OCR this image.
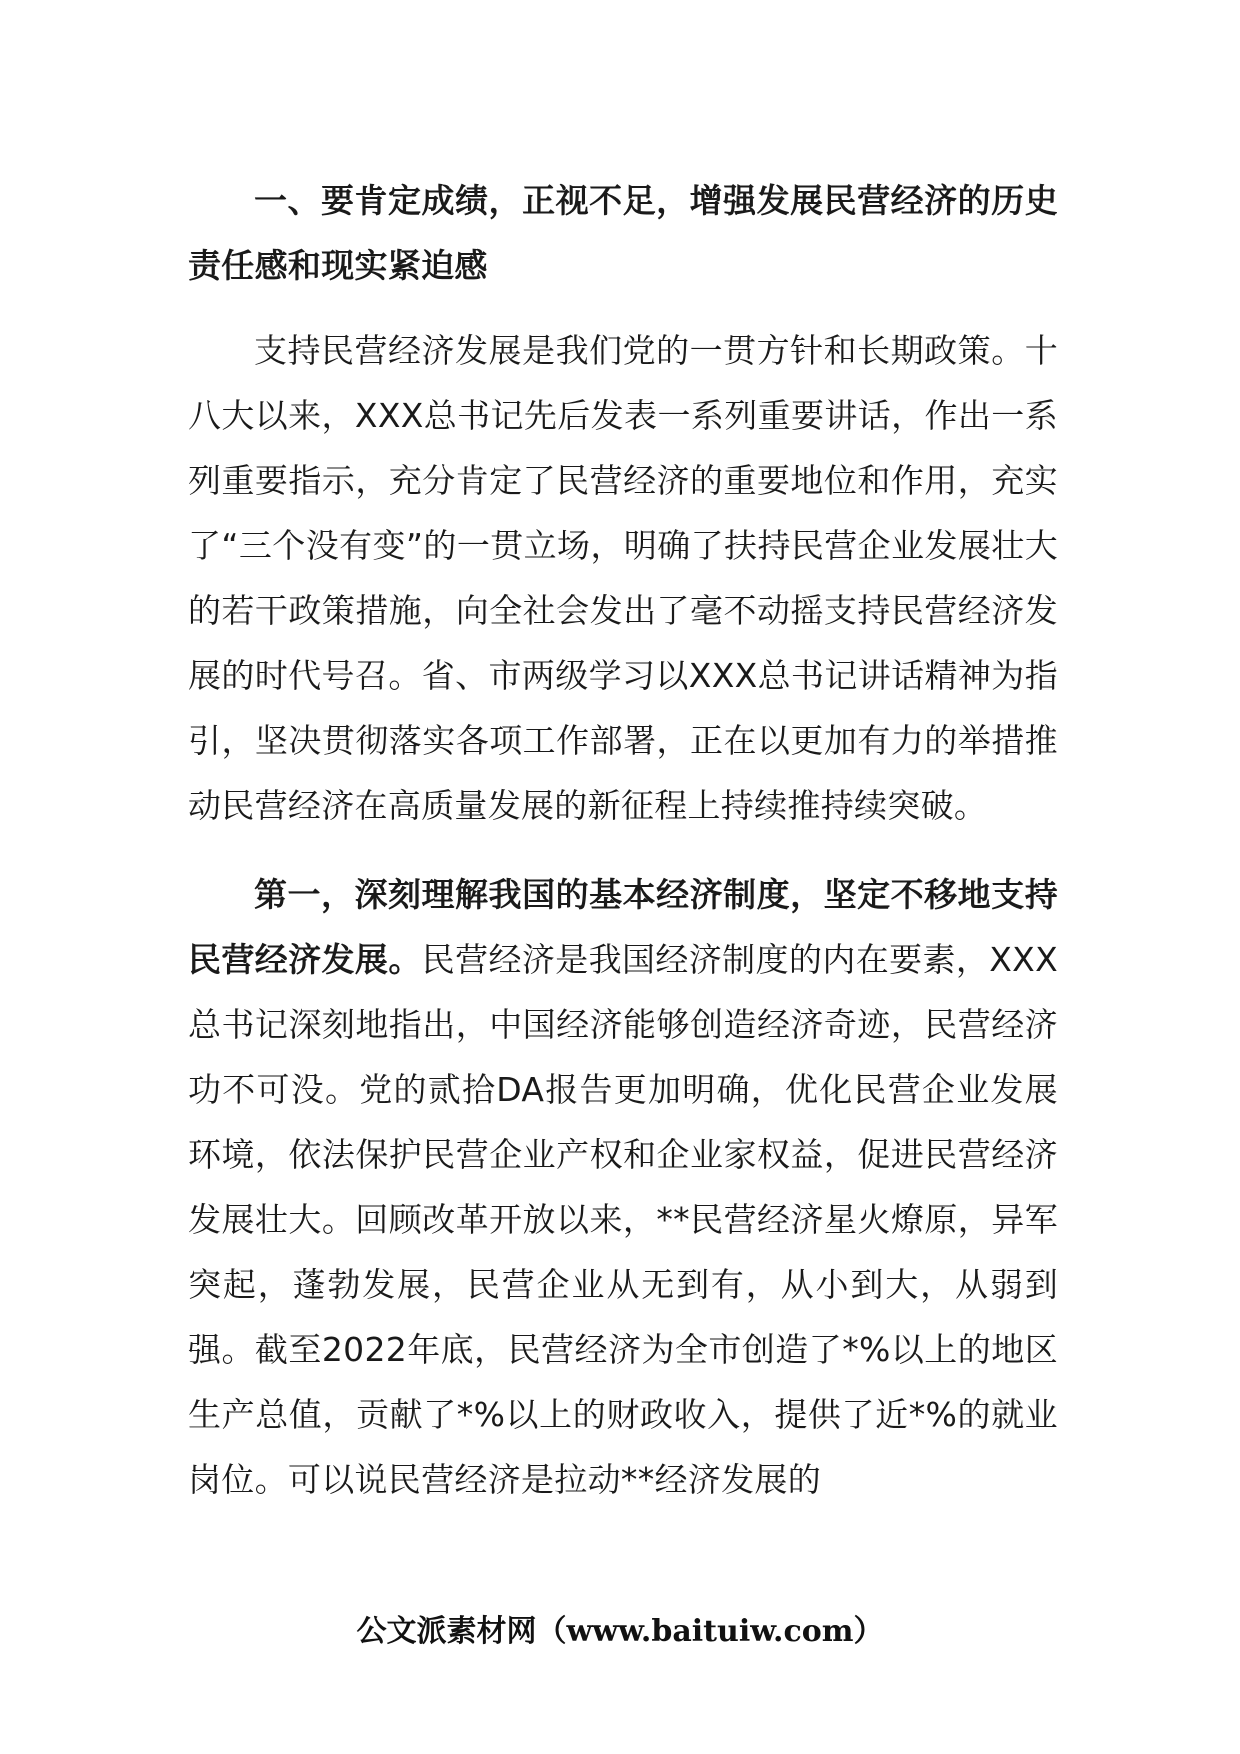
一、要肯定成绩，正视不足，增强发展民营经济的历史责任感和现实紧迫感

支持民营经济发展是我们党的一贯方针和长期政策。十八大以来，XXX总书记先后发表一系列重要讲话，作出一系列重要指示，充分肯定了民营经济的重要地位和作用，充实了“三个没有变”的一贯立场，明确了扶持民营企业发展壮大的若干政策措施，向全社会发出了毫不动摇支持民营经济发展的时代号召。省、市两级学习以XXX总书记讲话精神为指引，坚决贯彻落实各项工作部署，正在以更加有力的举措推动民营经济在高质量发展的新征程上持续推持续突破。

第一，深刻理解我国的基本经济制度，坚定不移地支持民营经济发展。民营经济是我国经济制度的内在要素，XXX总书记深刻地指出，中国经济能够创造经济奇迹，民营经济功不可没。党的贰拾DA报告更加明确，优化民营企业发展环境，依法保护民营企业产权和企业家权益，促进民营经济发展壮大。回顾改革开放以来，**民营经济星火燎原，异军突起，蓬勃发展，民营企业从无到有，从小到大，从弱到强。截至2022年底，民营经济为全市创造了*%以上的地区生产总值，贡献了*%以上的财政收入，提供了近*%的就业岗位。可以说民营经济是拉动**经济发展的

公文派素材网（www.baituiw.com）
